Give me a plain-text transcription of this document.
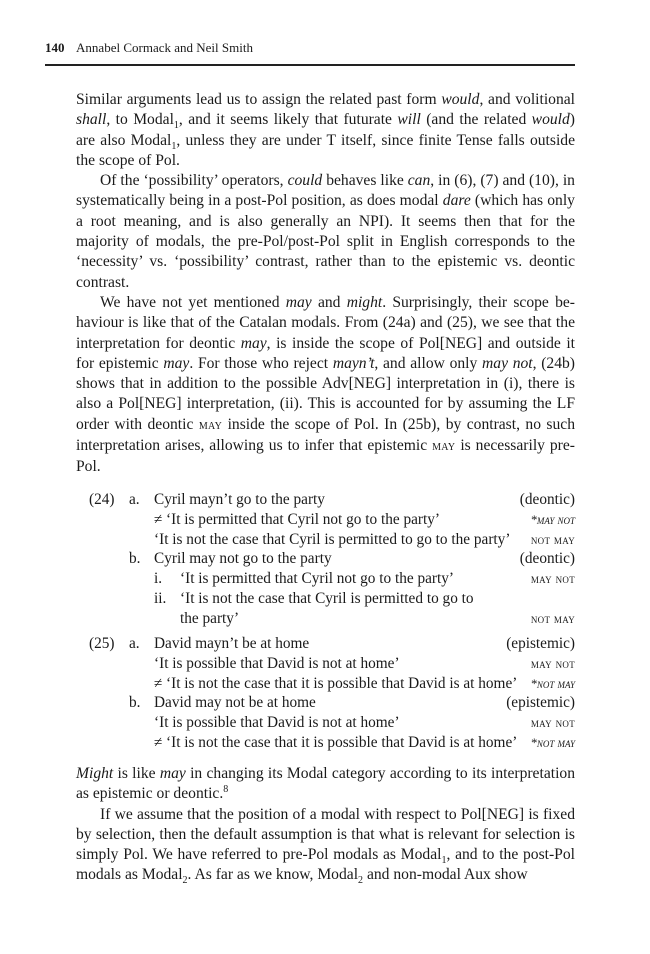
140 Annabel Cormack and Neil Smith

Similar arguments lead us to assign the related past form would, and volitional shall, to Modal$_1$, and it seems likely that futurate will (and the related would) are also Modal$_1$, unless they are under T itself, since finite Tense falls outside the scope of Pol.

Of the ‘possibility’ operators, could behaves like can, in (6), (7) and (10), in systematically being in a post-Pol position, as does modal dare (which has only a root meaning, and is also generally an NPI). It seems then that for the majority of modals, the pre-Pol/post-Pol split in English corresponds to the ‘necessity’ vs. ‘possibility’ contrast, rather than to the epistemic vs. deontic contrast.

We have not yet mentioned may and might. Surprisingly, their scope behaviour is like that of the Catalan modals. From (24a) and (25), we see that the interpretation for deontic may, is inside the scope of Pol[NEG] and outside it for epistemic may. For those who reject mayn’t, and allow only may not, (24b) shows that in addition to the possible Adv[NEG] interpretation in (i), there is also a Pol[NEG] interpretation, (ii). This is accounted for by assuming the LF order with deontic may inside the scope of Pol. In (25b), by contrast, no such interpretation arises, allowing us to infer that epistemic may is necessarily pre-Pol.

(24) a. Cyril mayn’t go to the party	(deontic)
≠ ‘It is permitted that Cyril not go to the party’	*may not
‘It is not the case that Cyril is permitted to go to the party’ not may
b. Cyril may not go to the party	(deontic)
i. ‘It is permitted that Cyril not go to the party’	may not
ii. ‘It is not the case that Cyril is permitted to go to
the party’	not may
(25) a. David mayn’t be at home	(epistemic)
‘It is possible that David is not at home’	may not
≠ ‘It is not the case that it is possible that David is at home’ *not may
b. David may not be at home	(epistemic)
‘It is possible that David is not at home’	may not
≠ ‘It is not the case that it is possible that David is at home’ *not may

Might is like may in changing its Modal category according to its interpretation as epistemic or deontic.$^8$

If we assume that the position of a modal with respect to Pol[NEG] is fixed by selection, then the default assumption is that what is relevant for selection is simply Pol. We have referred to pre-Pol modals as Modal$_1$, and to the post-Pol modals as Modal$_2$. As far as we know, Modal$_2$ and non-modal Aux show
